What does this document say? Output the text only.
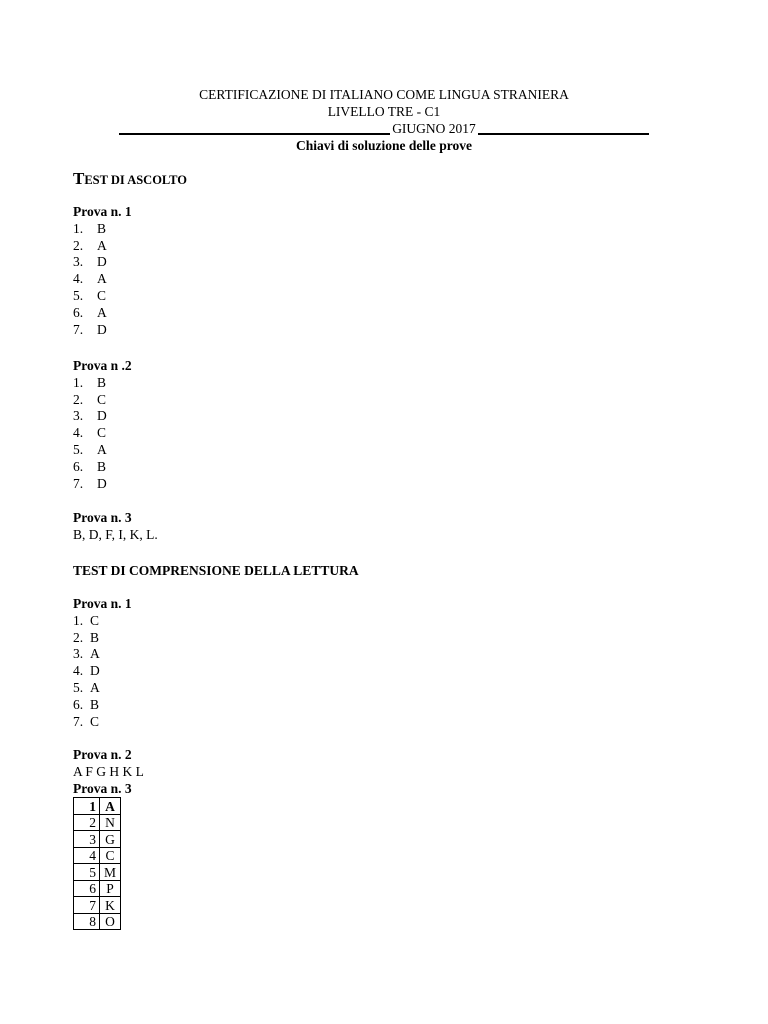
CERTIFICAZIONE DI ITALIANO COME LINGUA STRANIERA
LIVELLO TRE - C1
GIUGNO 2017
Chiavi di soluzione delle prove
TEST DI ASCOLTO
Prova n. 1
1. B
2. A
3. D
4. A
5. C
6. A
7. D
Prova n .2
1. B
2. C
3. D
4. C
5. A
6. B
7. D
Prova n. 3
B, D, F, I, K, L.
TEST DI COMPRENSIONE DELLA LETTURA
Prova n. 1
1. C
2. B
3. A
4. D
5. A
6. B
7. C
Prova n. 2
A F G H K L
Prova n. 3
1	A
2	N
3	G
4	C
5	M
6	P
7	K
8	O
